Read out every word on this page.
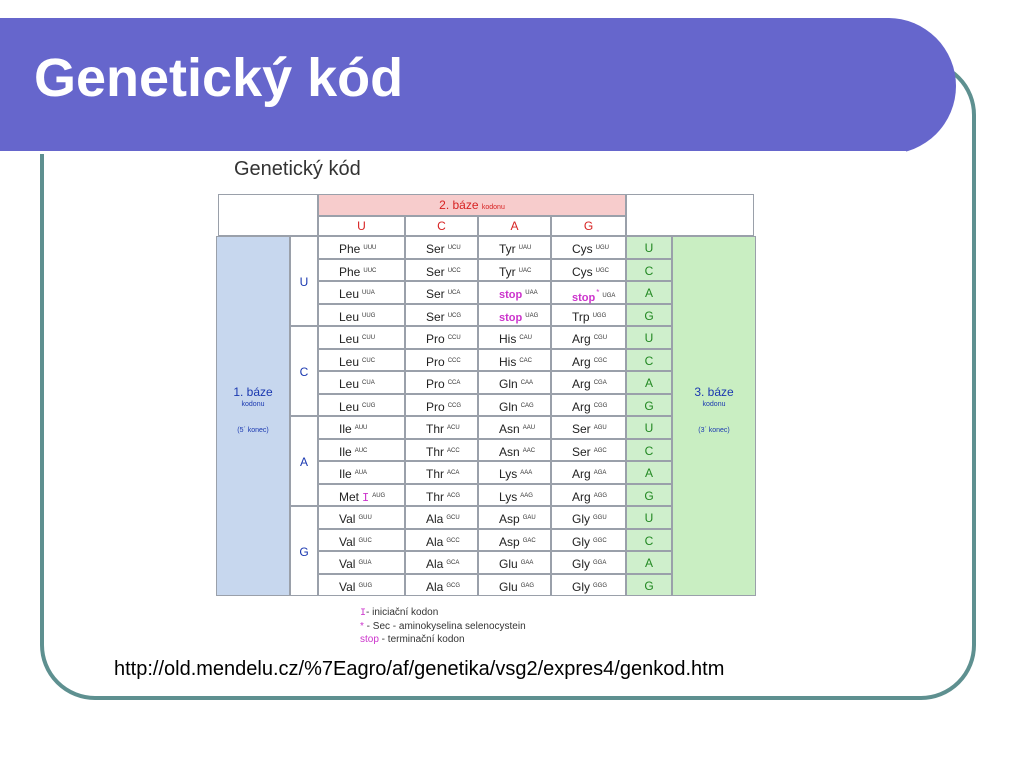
Genetický kód
Genetický kód
2. báze kodonu
U	C	A	G
1. báze
kodonu
(5´ konec)
3. báze
kodonu
(3´ konec)
U
Phe $^{UUU}$	Ser $^{UCU}$	Tyr $^{UAU}$	Cys $^{UGU}$	U
Phe $^{UUC}$	Ser $^{UCC}$	Tyr $^{UAC}$	Cys $^{UGC}$	C
Leu $^{UUA}$	Ser $^{UCA}$	stop $^{UAA}$	stop* $^{UGA}$	A
Leu $^{UUG}$	Ser $^{UCG}$	stop $^{UAG}$	Trp $^{UGG}$	G
C
Leu $^{CUU}$	Pro $^{CCU}$	His $^{CAU}$	Arg $^{CGU}$	U
Leu $^{CUC}$	Pro $^{CCC}$	His $^{CAC}$	Arg $^{CGC}$	C
Leu $^{CUA}$	Pro $^{CCA}$	Gln $^{CAA}$	Arg $^{CGA}$	A
Leu $^{CUG}$	Pro $^{CCG}$	Gln $^{CAG}$	Arg $^{CGG}$	G
A
Ile $^{AUU}$	Thr $^{ACU}$	Asn $^{AAU}$	Ser $^{AGU}$	U
Ile $^{AUC}$	Thr $^{ACC}$	Asn $^{AAC}$	Ser $^{AGC}$	C
Ile $^{AUA}$	Thr $^{ACA}$	Lys $^{AAA}$	Arg $^{AGA}$	A
Met I $^{AUG}$	Thr $^{ACG}$	Lys $^{AAG}$	Arg $^{AGG}$	G
G
Val $^{GUU}$	Ala $^{GCU}$	Asp $^{GAU}$	Gly $^{GGU}$	U
Val $^{GUC}$	Ala $^{GCC}$	Asp $^{GAC}$	Gly $^{GGC}$	C
Val $^{GUA}$	Ala $^{GCA}$	Glu $^{GAA}$	Gly $^{GGA}$	A
Val $^{GUG}$	Ala $^{GCG}$	Glu $^{GAG}$	Gly $^{GGG}$	G
I- iniciační kodon
* - Sec - aminokyselina selenocystein
stop - terminační kodon
http://old.mendelu.cz/%7Eagro/af/genetika/vsg2/expres4/genkod.htm
